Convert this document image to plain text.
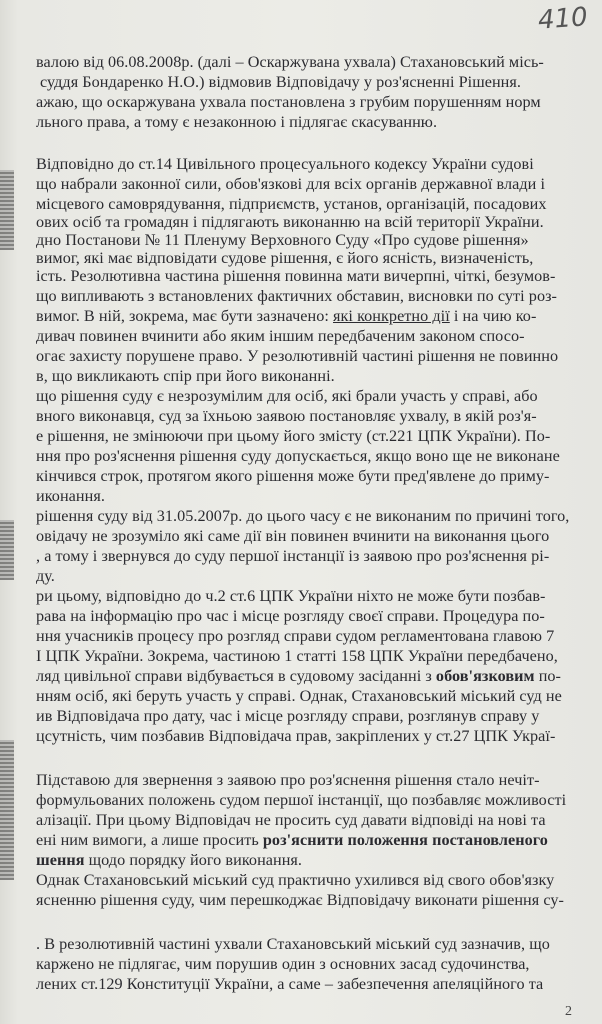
410
валою від 06.08.2008р. (далі – Оскаржувана ухвала) Стахановський місь-
суддя Бондаренко Н.О.) відмовив Відповідачу у роз'ясненні Рішення.
ажаю, що оскаржувана ухвала постановлена з грубим порушенням норм
льного права, а тому є незаконною і підлягає скасуванню.
Відповідно до ст.14 Цивільного процесуального кодексу України судові
що набрали законної сили, обов'язкові для всіх органів державної влади і
місцевого самоврядування, підприємств, установ, організацій, посадових
ових осіб та громадян і підлягають виконанню на всій території України.
дно Постанови № 11 Пленуму Верховного Суду «Про судове рішення»
вимог, які має відповідати судове рішення, є його ясність, визначеність,
ість. Резолютивна частина рішення повинна мати вичерпні, чіткі, безумов-
що випливають з встановлених фактичних обставин, висновки по суті роз-
вимог. В ній, зокрема, має бути зазначено: які конкретно дії і на чию ко-
дивач повинен вчинити або яким іншим передбаченим законом спосо-
огає захисту порушене право. У резолютивній частині рішення не повинно
в, що викликають спір при його виконанні.
що рішення суду є незрозумілим для осіб, які брали участь у справі, або
вного виконавця, суд за їхньою заявою постановляє ухвалу, в якій роз'я-
е рішення, не змінюючи при цьому його змісту (ст.221 ЦПК України). По-
ння про роз'яснення рішення суду допускається, якщо воно ще не виконане
кінчився строк, протягом якого рішення може бути пред'явлене до приму-
иконання.
рішення суду від 31.05.2007р. до цього часу є не виконаним по причині того,
овідачу не зрозуміло які саме дії він повинен вчинити на виконання цього
, а тому і звернувся до суду першої інстанції із заявою про роз'яснення рі-
ду.
ри цьому, відповідно до ч.2 ст.6 ЦПК України ніхто не може бути позбав-
рава на інформацію про час і місце розгляду своєї справи. Процедура по-
ння учасників процесу про розгляд справи судом регламентована главою 7
І ЦПК України. Зокрема, частиною 1 статті 158 ЦПК України передбачено,
ляд цивільної справи відбувається в судовому засіданні з обов'язковим по-
нням осіб, які беруть участь у справі. Однак, Стахановський міський суд не
ив Відповідача про дату, час і місце розгляду справи, розглянув справу у
цсутність, чим позбавив Відповідача прав, закріплених у ст.27 ЦПК Украї-
Підставою для звернення з заявою про роз'яснення рішення стало нечіт-
формульованих положень судом першої інстанції, що позбавляє можливості
алізації. При цьому Відповідач не просить суд давати відповіді на нові та
ені ним вимоги, а лише просить роз'яснити положення постановленого
шення щодо порядку його виконання.
Однак Стахановський міський суд практично ухилився від свого обов'язку
ясненню рішення суду, чим перешкоджає Відповідачу виконати рішення су-
. В резолютивній частині ухвали Стахановський міський суд зазначив, що
каржено не підлягає, чим порушив один з основних засад судочинства,
лених ст.129 Конституції України, а саме – забезпечення апеляційного та
2
